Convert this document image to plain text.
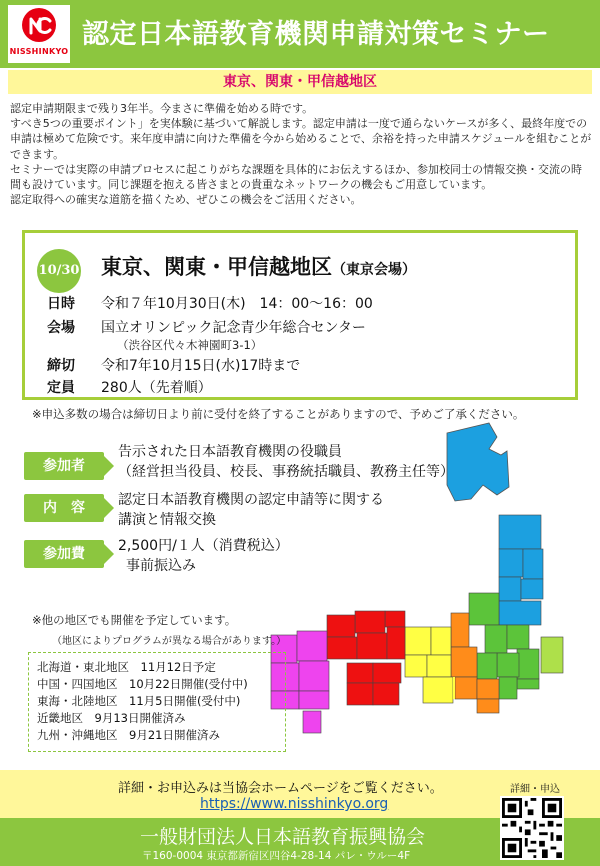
NISSHINKYO
認定日本語教育機関申請対策セミナー
東京、関東・甲信越地区

認定申請期限まで残り3年半。今まさに準備を始める時です。

すべき5つの重要ポイント」を実体験に基づいて解説します。認定申請は一度で通らないケースが多く、最終年度での申請は極めて危険です。来年度申請に向けた準備を今から始めることで、余裕を持った申請スケジュールを組むことができます。

セミナーでは実際の申請プロセスに起こりがちな課題を具体的にお伝えするほか、参加校同士の情報交換・交流の時間も設けています。同じ課題を抱える皆さまとの貴重なネットワークの機会もご用意しています。

認定取得への確実な道筋を描くため、ぜひこの機会をご活用ください。

10/30 東京、関東・甲信越地区（東京会場）
日時 令和７年10月30日(木)　14：00～16：00
会場 国立オリンピック記念青少年総合センター
（渋谷区代々木神園町3-1）
締切 令和7年10月15日(水)17時まで
定員 280人（先着順）
※申込多数の場合は締切日より前に受付を終了することがありますので、予めご了承ください。
参加者
告示された日本語教育機関の役職員
（経営担当役員、校長、事務統括職員、教務主任等）
内　容	認定日本語教育機関の認定申請等に関する
講演と情報交換
参加費	2,500円/１人（消費税込）
事前振込み
※他の地区でも開催を予定しています。
（地区によりプログラムが異なる場合があります。）
北海道・東北地区　11月12日予定
中国・四国地区　10月22日開催(受付中)
東海・北陸地区　11月5日開催(受付中)
近畿地区　9月13日開催済み
九州・沖縄地区　9月21日開催済み
詳細・お申込みは当協会ホームページをご覧ください。
https://www.nisshinkyo.org
詳細・申込
一般財団法人日本語教育振興協会
〒160-0004 東京都新宿区四谷4-28-14 パレ・ウルー4F
